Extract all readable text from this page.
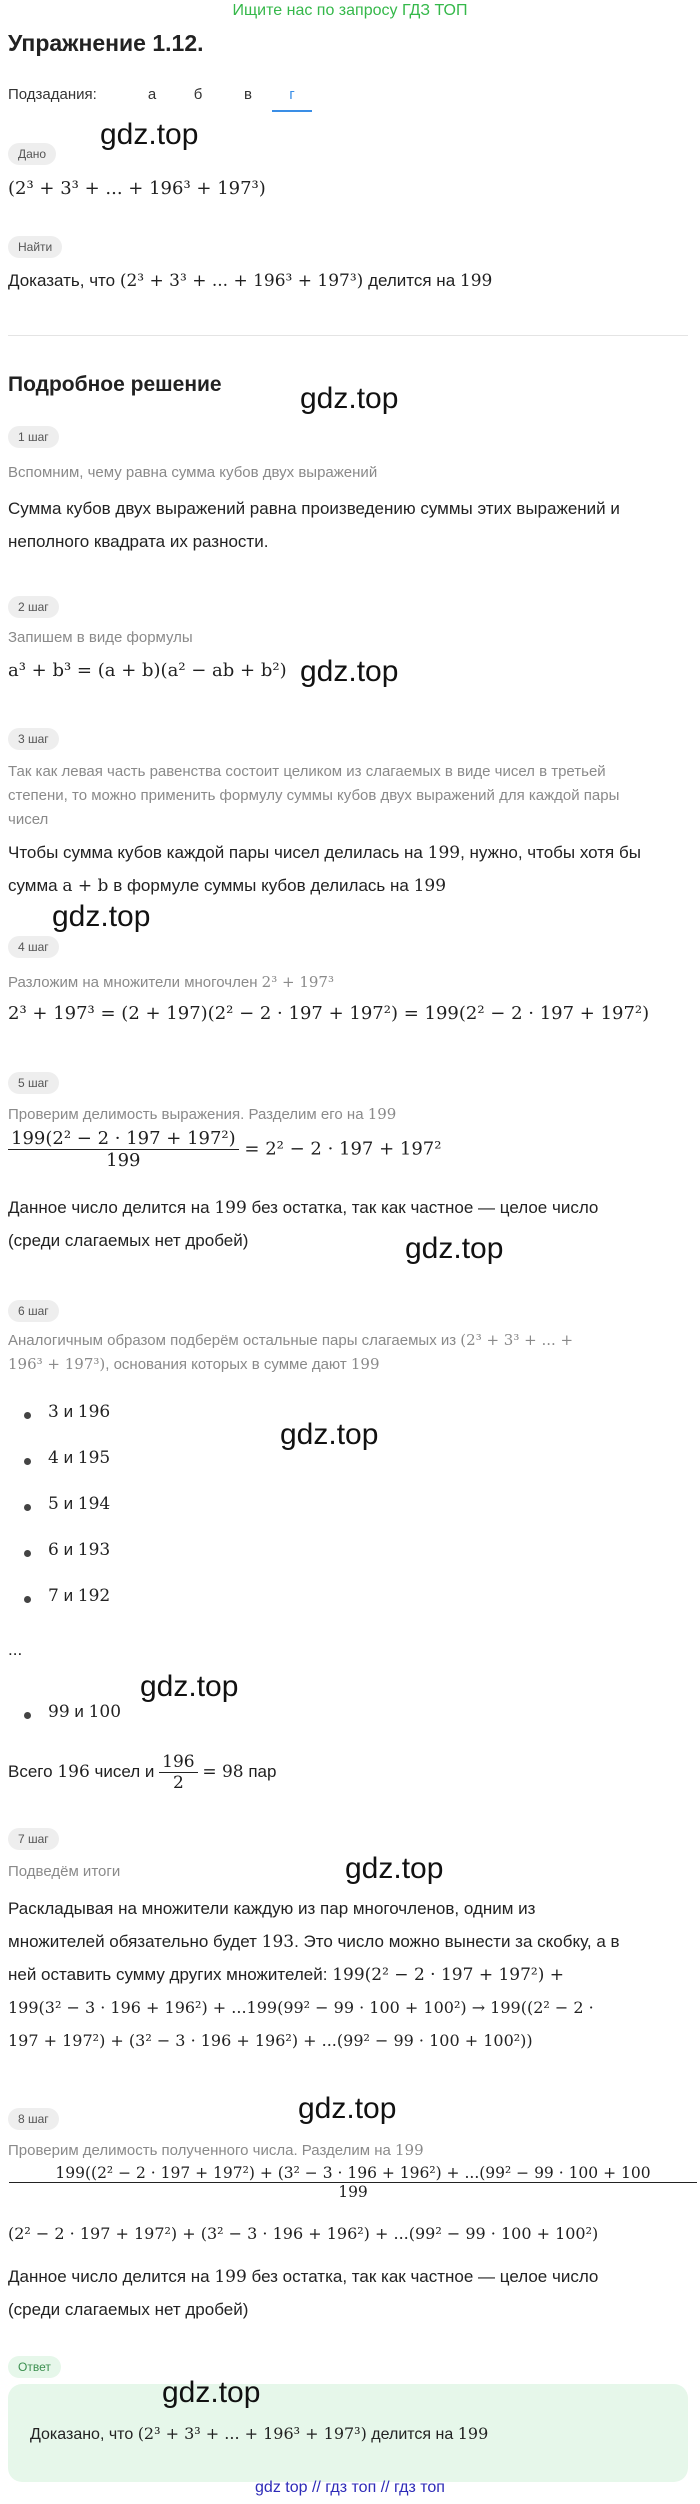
Ищите нас по запросу ГДЗ ТОП
Упражнение 1.12.
Подзадания:	а	б	в	г
gdz.top
Дано
(2³ + 3³ + ... + 196³ + 197³)
Найти
Доказать, что (2³ + 3³ + ... + 196³ + 197³) делится на 199
Подробное решение	gdz.top
1 шаг
Вспомним, чему равна сумма кубов двух выражений
Сумма кубов двух выражений равна произведению суммы этих выражений и
неполного квадрата их разности.
2 шаг
Запишем в виде формулы
a³ + b³ = (a + b)(a² − ab + b²) gdz.top
3 шаг
Так как левая часть равенства состоит целиком из слагаемых в виде чисел в третьей
степени, то можно применить формулу суммы кубов двух выражений для каждой пары
чисел
Чтобы сумма кубов каждой пары чисел делилась на 199, нужно, чтобы хотя бы
сумма a + b в формуле суммы кубов делилась на 199
gdz.top
4 шаг
Разложим на множители многочлен 2³ + 197³
2³ + 197³ = (2 + 197)(2² − 2 · 197 + 197²) = 199(2² − 2 · 197 + 197²)
5 шаг
Проверим делимость выражения. Разделим его на 199
$\frac{\text{199(2² − 2 · 197 + 197²)}}{199} = 2^2 - 2 \cdot 197 + 197^2$
Данное число делится на 199 без остатка, так как частное — целое число
(среди слагаемых нет дробей)	gdz.top
6 шаг
Аналогичным образом подберём остальные пары слагаемых из (2³ + 3³ + ... +
196³ + 197³), основания которых в сумме дают 199
3 и 196
4 и 195
5 и 194
6 и 193
7 и 192
gdz.top
...
99 и 100
gdz.top
Всего 196 чисел и $\frac{196}{2} = 98$ пар
7 шаг
Подведём итоги	gdz.top
Раскладывая на множители каждую из пар многочленов, одним из
множителей обязательно будет 193. Это число можно вынести за скобку, а в
ней оставить сумму других множителей: 199(2² − 2 · 197 + 197²) +
199(3² − 3 · 196 + 196²) + ...199(99² − 99 · 100 + 100²) → 199((2² − 2 ·
197 + 197²) + (3² − 3 · 196 + 196²) + ...(99² − 99 · 100 + 100²))
8 шаг	gdz.top
Проверим делимость полученного числа. Разделим на 199
199((2² − 2 · 197 + 197²) + (3² − 3 · 196 + 196²) + ...(99² − 99 · 100 + 100
199
(2² − 2 · 197 + 197²) + (3² − 3 · 196 + 196²) + ...(99² − 99 · 100 + 100²)
Данное число делится на 199 без остатка, так как частное — целое число
(среди слагаемых нет дробей)
Ответ
gdz.top
Доказано, что (2³ + 3³ + ... + 196³ + 197³) делится на 199
gdz top // гдз топ // гдз топ
